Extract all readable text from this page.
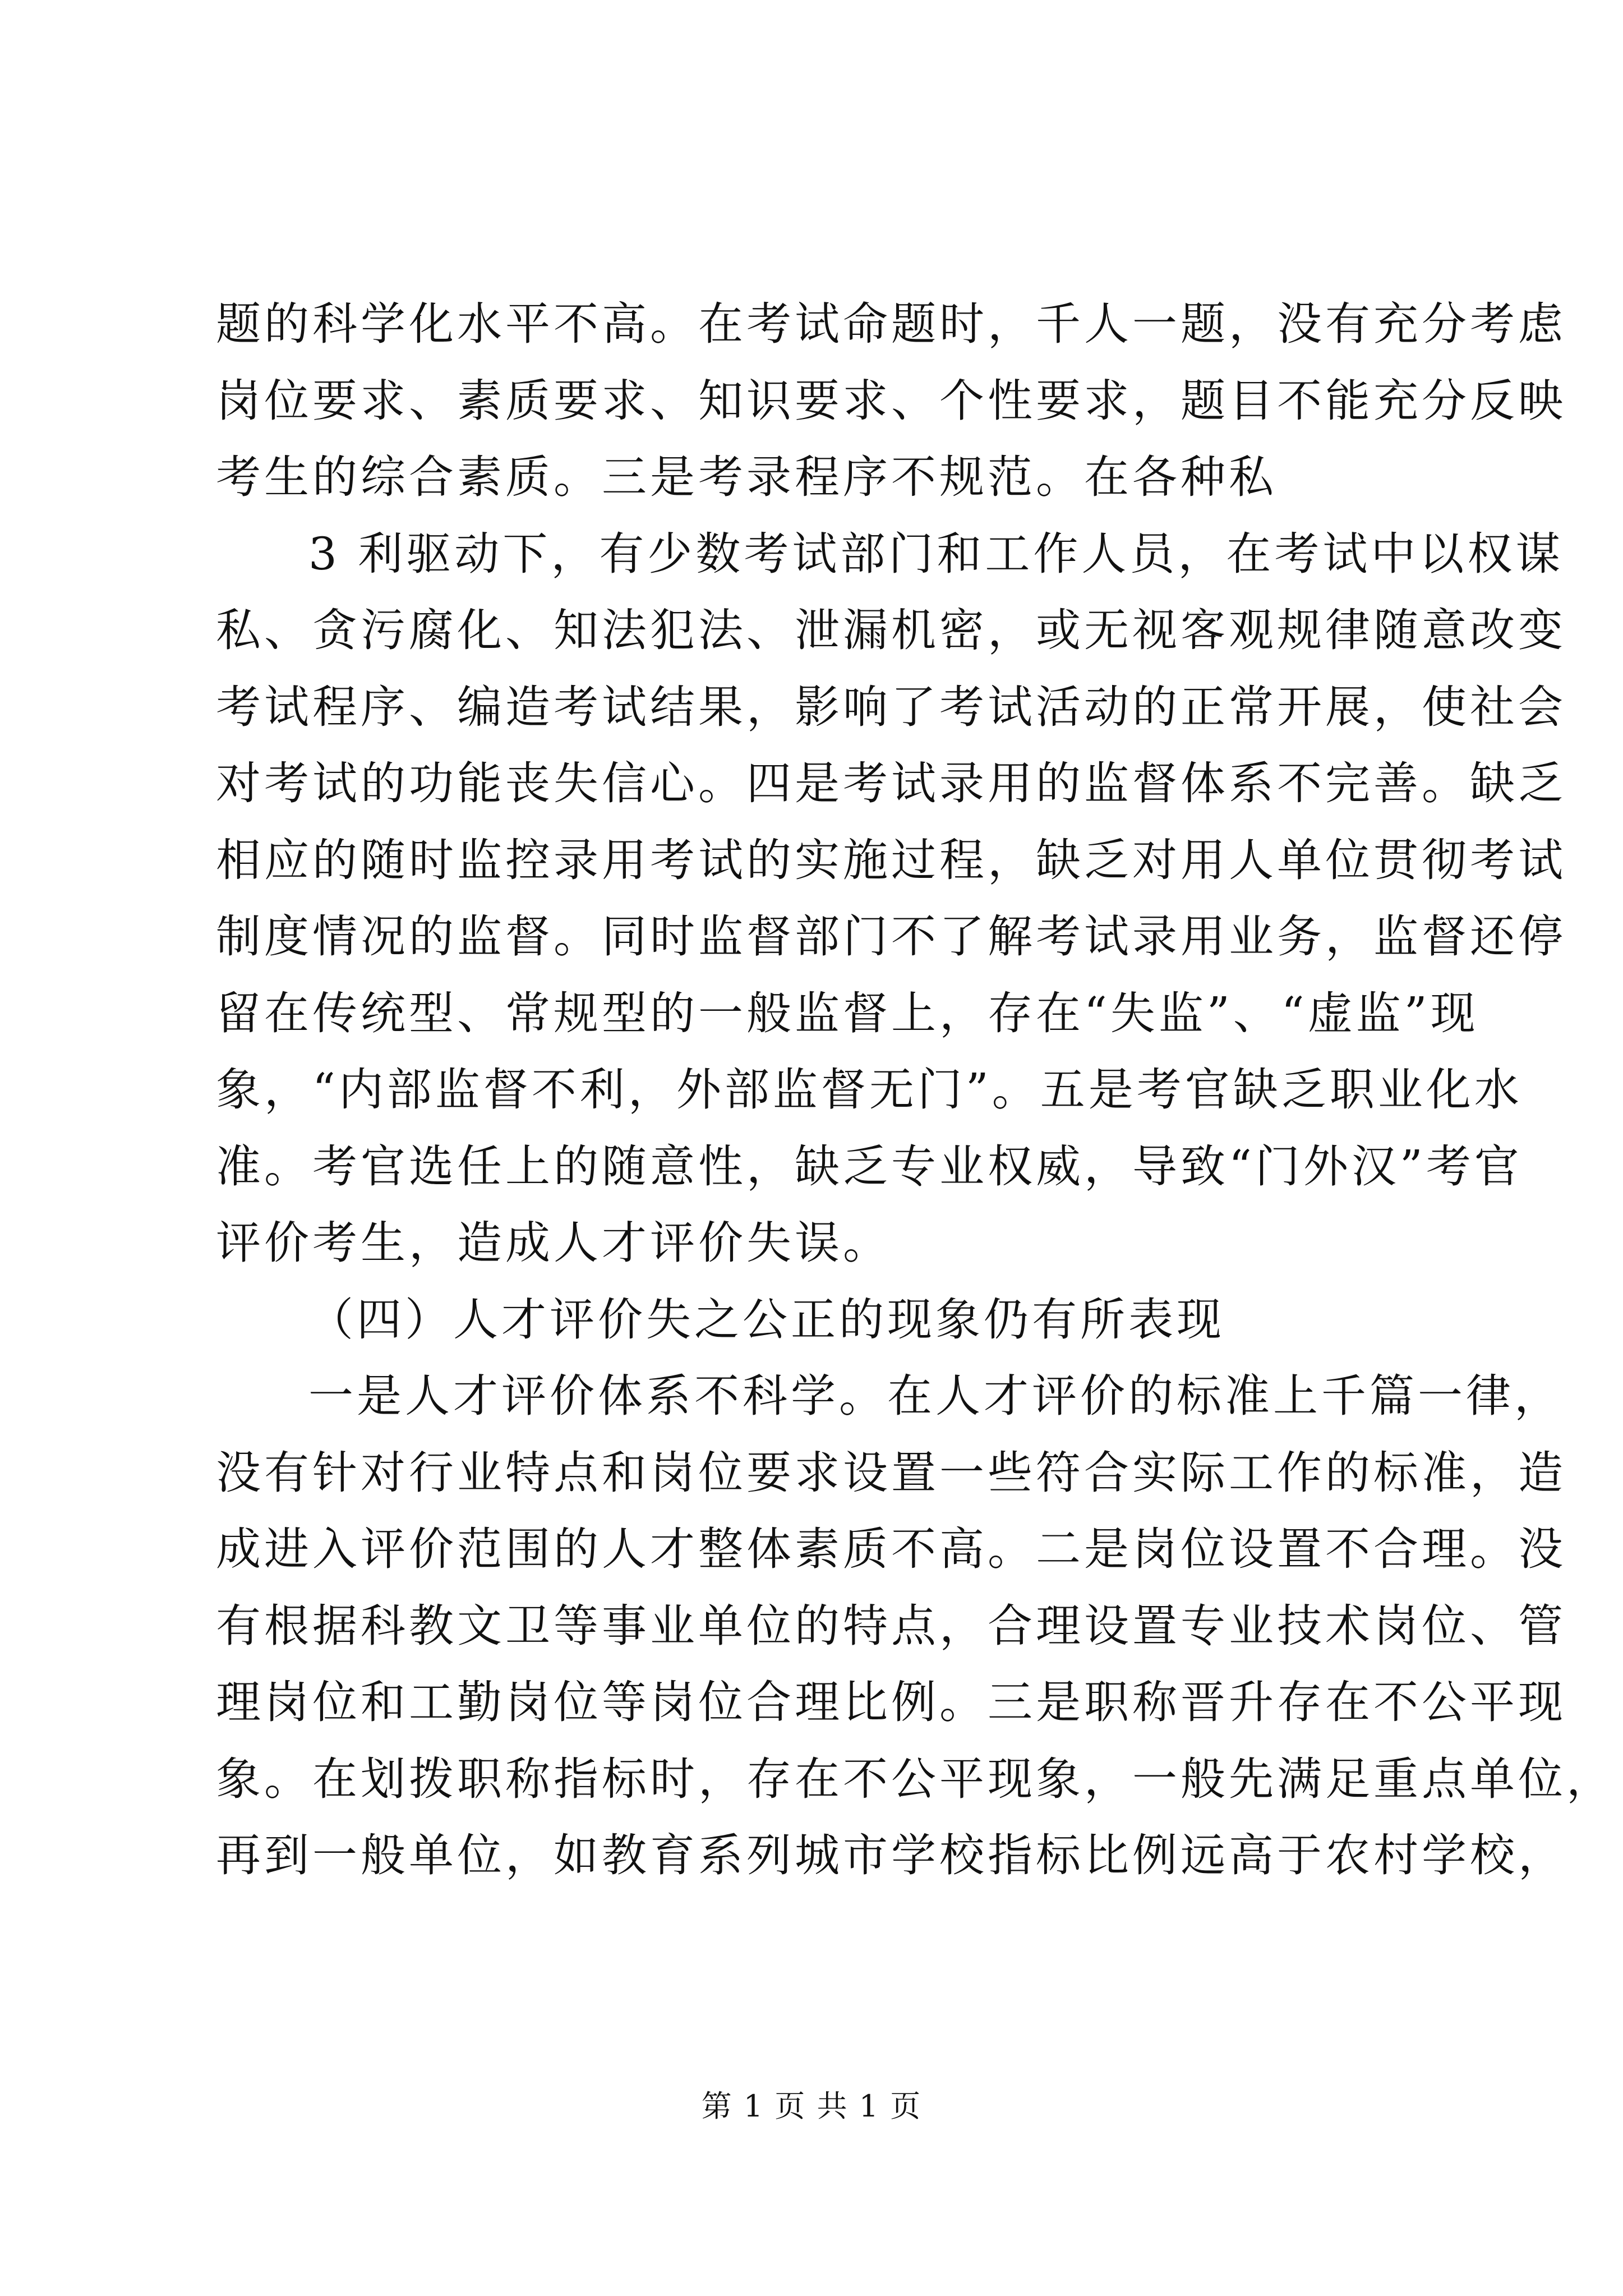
题的科学化水平不高。在考试命题时，千人一题，没有充分考虑
岗位要求、素质要求、知识要求、个性要求，题目不能充分反映
考生的综合素质。三是考录程序不规范。在各种私
3 利驱动下，有少数考试部门和工作人员，在考试中以权谋
私、贪污腐化、知法犯法、泄漏机密，或无视客观规律随意改变
考试程序、编造考试结果，影响了考试活动的正常开展，使社会
对考试的功能丧失信心。四是考试录用的监督体系不完善。缺乏
相应的随时监控录用考试的实施过程，缺乏对用人单位贯彻考试
制度情况的监督。同时监督部门不了解考试录用业务，监督还停
留在传统型、常规型的一般监督上，存在“失监”、“虚监”现
象，“内部监督不利，外部监督无门”。五是考官缺乏职业化水
准。考官选任上的随意性，缺乏专业权威，导致“门外汉”考官
评价考生，造成人才评价失误。
（四）人才评价失之公正的现象仍有所表现
一是人才评价体系不科学。在人才评价的标准上千篇一律，
没有针对行业特点和岗位要求设置一些符合实际工作的标准，造
成进入评价范围的人才整体素质不高。二是岗位设置不合理。没
有根据科教文卫等事业单位的特点，合理设置专业技术岗位、管
理岗位和工勤岗位等岗位合理比例。三是职称晋升存在不公平现
象。在划拨职称指标时，存在不公平现象，一般先满足重点单位，
再到一般单位，如教育系列城市学校指标比例远高于农村学校，
第 1 页 共 1 页
